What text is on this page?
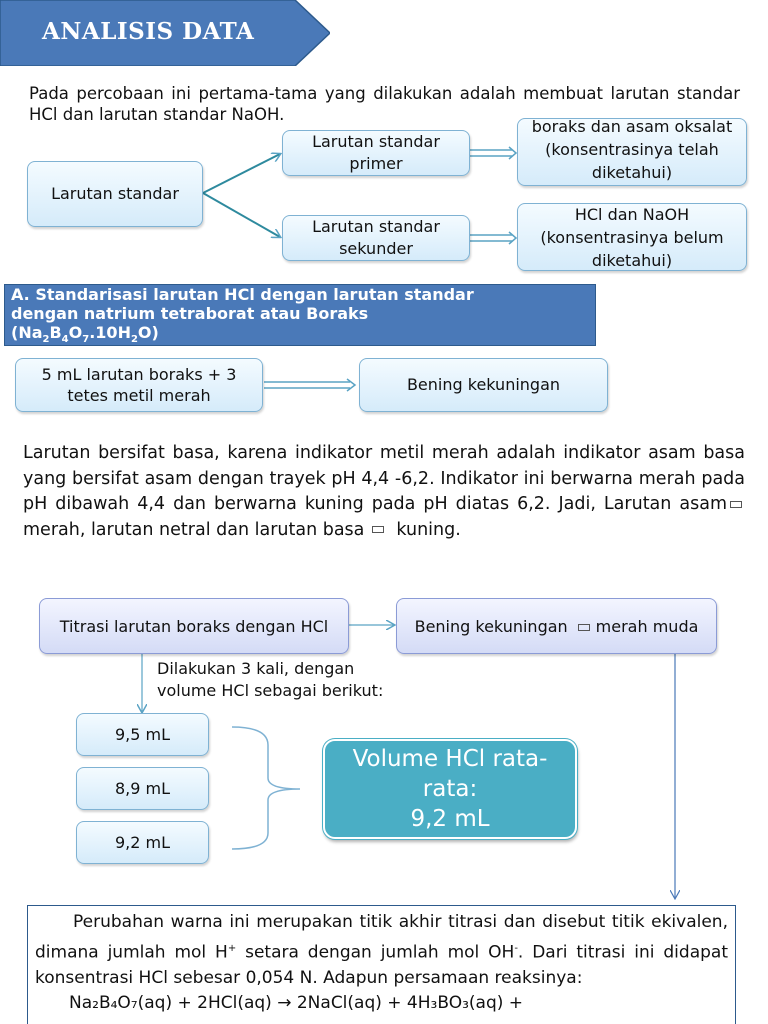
ANALISIS DATA

Pada percobaan ini pertama-tama yang dilakukan adalah membuat larutan standar HCl dan larutan standar NaOH.

Larutan standar
Larutan standar primer
Larutan standar sekunder
boraks dan asam oksalat (konsentrasinya telah diketahui)
HCl dan NaOH (konsentrasinya belum diketahui)
A. Standarisasi larutan HCl dengan larutan standar
dengan natrium tetraborat atau Boraks
$(Na_2B_4O_7.10H_2O)$
5 mL larutan boraks + 3 tetes metil merah
Bening kekuningan

Larutan bersifat basa, karena indikator metil merah adalah indikator asam basa yang bersifat asam dengan trayek pH 4,4 -6,2. Indikator ini berwarna merah pada pH dibawah 4,4 dan berwarna kuning pada pH diatas 6,2. Jadi, Larutan asammerah, larutan netral dan larutan basa kuning.

Titrasi larutan boraks dengan HCl	Bening kekuningan merah muda

Dilakukan 3 kali, dengan volume HCl sebagai berikut:

9,5 mL
8,9 mL
9,2 mL
Volume HCl rata-rata:
9,2 mL

Perubahan warna ini merupakan titik akhir titrasi dan disebut titik ekivalen, dimana jumlah mol H+ setara dengan jumlah mol OH-. Dari titrasi ini didapat konsentrasi HCl sebesar 0,054 N. Adapun persamaan reaksinya:

Na₂B₄O₇(aq) + 2HCl(aq) → 2NaCl(aq) + 4H₃BO₃(aq) +
